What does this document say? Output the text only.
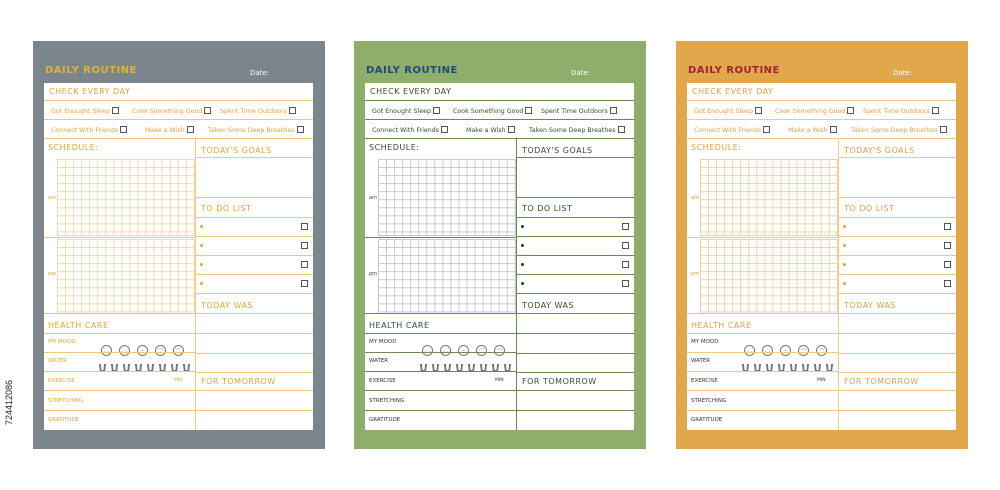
724412086
DAILY ROUTINE	Date:
CHECK EVERY DAY
Got Enought Sleep	Cook Something Good	Spent Time Outdoors
Connect With Friends	Make a Wish	Taken Some Deep Breathes
SCHEDULE:
am
pm
TODAY'S GOALS
TO DO LIST
TODAY WAS
FOR TOMORROW
HEALTH CARE
MY MOOD
◡ ◡ – ◠ ◠
WATER
EXERCISE	MIN
STRETCHING
GRATITUDE
DAILY ROUTINE	Date:
CHECK EVERY DAY
Got Enought Sleep	Cook Something Good	Spent Time Outdoors
Connect With Friends	Make a Wish	Taken Some Deep Breathes
SCHEDULE:
am
pm
TODAY'S GOALS
TO DO LIST
TODAY WAS
FOR TOMORROW
HEALTH CARE
MY MOOD
◡ ◡ – ◠ ◠
WATER
EXERCISE	MIN
STRETCHING
GRATITUDE
DAILY ROUTINE	Date:
CHECK EVERY DAY
Got Enought Sleep	Cook Something Good	Spent Time Outdoors
Connect With Friends	Make a Wish	Taken Some Deep Breathes
SCHEDULE:
am
pm
TODAY'S GOALS
TO DO LIST
TODAY WAS
FOR TOMORROW
HEALTH CARE
MY MOOD
◡ ◡ – ◠ ◠
WATER
EXERCISE	MIN
STRETCHING
GRATITUDE
